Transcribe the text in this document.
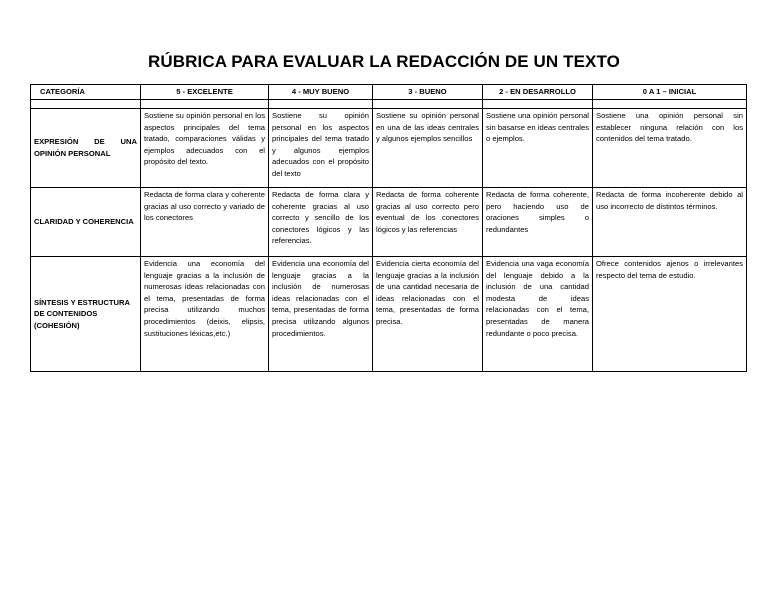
RÚBRICA PARA EVALUAR LA REDACCIÓN DE UN TEXTO
CATEGORÍA	5 - EXCELENTE	4 - MUY BUENO	3 - BUENO	2 - EN DESARROLLO	0 A 1 – INICIAL

EXPRESIÓN DE UNA OPINIÓN PERSONAL	Sostiene su opinión personal en los aspectos principales del tema tratado, comparaciones válidas y ejemplos adecuados con el propósito del texto.	Sostiene su opinión personal en los aspectos principales del tema tratado y algunos ejemplos adecuados con el propósito del texto	Sostiene su opinión personal en una de las ideas centrales y algunos ejemplos sencillos	Sostiene una opinión personal sin basarse en ideas centrales o ejemplos.	Sostiene una opinión personal sin establecer ninguna relación con los contenidos del tema tratado.
CLARIDAD Y COHERENCIA	Redacta de forma clara y coherente gracias al uso correcto y variado de los conectores	Redacta de forma clara y coherente gracias al uso correcto y sencillo de los conectores lógicos y las referencias.	Redacta de forma coherente gracias al uso correcto pero eventual de los conectores lógicos y las referencias	Redacta de forma coherente, pero haciendo uso de oraciones simples o redundantes	Redacta de forma incoherente debido al uso incorrecto de distintos términos.
SÍNTESIS Y ESTRUCTURA DE CONTENIDOS (COHESIÓN)	Evidencia una economía del lenguaje gracias a la inclusión de numerosas ideas relacionadas con el tema, presentadas de forma precisa utilizando muchos procedimientos (deixis, elipsis, sustituciones léxicas,etc.)	Evidencia una economía del lenguaje gracias a la inclusión de numerosas ideas relacionadas con el tema, presentadas de forma precisa utilizando algunos procedimientos.	Evidencia cierta economía del lenguaje gracias a la inclusión de una cantidad necesaria de ideas relacionadas con el tema, presentadas de forma precisa.	Evidencia una vaga economía del lenguaje debido a la inclusión de una cantidad modesta de ideas relacionadas con el tema, presentadas de manera redundante o poco precisa.	Ofrece contenidos ajenos o irrelevantes respecto del tema de estudio.
